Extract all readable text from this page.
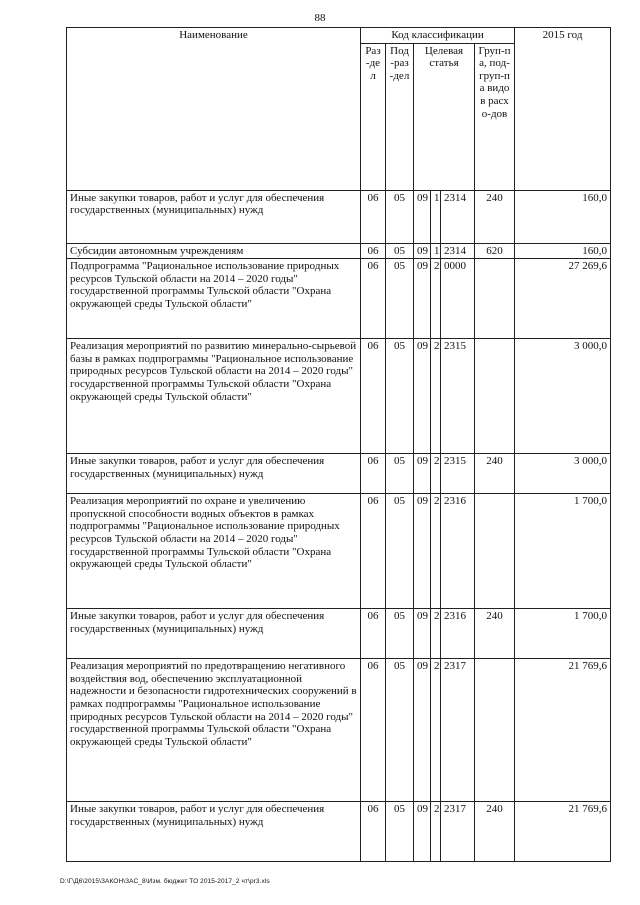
88
Наименование	Код классификации						2015 год
	Раз-дел	Под-раз-дел	Целевая статья			Груп-па, под-груп-па видов расхо-дов	
Иные закупки товаров, работ и услуг для обеспечения государственных (муниципальных) нужд	06	05	09	1	2314	240	160,0
Субсидии автономным учреждениям	06	05	09	1	2314	620	160,0
Подпрограмма "Рациональное использование природных ресурсов Тульской области на 2014 – 2020 годы" государственной программы Тульской области "Охрана окружающей среды Тульской области"	06	05	09	2	0000		27 269,6
Реализация мероприятий по развитию минерально-сырьевой базы в рамках подпрограммы "Рациональное использование природных ресурсов Тульской области на 2014 – 2020 годы" государственной программы Тульской области "Охрана окружающей среды Тульской области"	06	05	09	2	2315		3 000,0
Иные закупки товаров, работ и услуг для обеспечения государственных (муниципальных) нужд	06	05	09	2	2315	240	3 000,0
Реализация мероприятий по охране и увеличению пропускной способности водных объектов в рамках подпрограммы "Рациональное использование природных ресурсов Тульской области на 2014 – 2020 годы" государственной программы Тульской области "Охрана окружающей среды Тульской области"	06	05	09	2	2316		1 700,0
Иные закупки товаров, работ и услуг для обеспечения государственных (муниципальных) нужд	06	05	09	2	2316	240	1 700,0
Реализация мероприятий по предотвращению негативного воздействия вод, обеспечению эксплуатационной надежности и безопасности гидротехнических сооружений в рамках подпрограммы "Рациональное использование природных ресурсов Тульской области на 2014 – 2020 годы" государственной программы Тульской области "Охрана окружающей среды Тульской области"	06	05	09	2	2317		21 769,6
Иные закупки товаров, работ и услуг для обеспечения государственных (муниципальных) нужд	06	05	09	2	2317	240	21 769,6
D:\Г\Д6\2015\ЗАКОН\ЗАС_8\Изм. бюджет ТО 2015-2017_2 чт\pr3.xls
